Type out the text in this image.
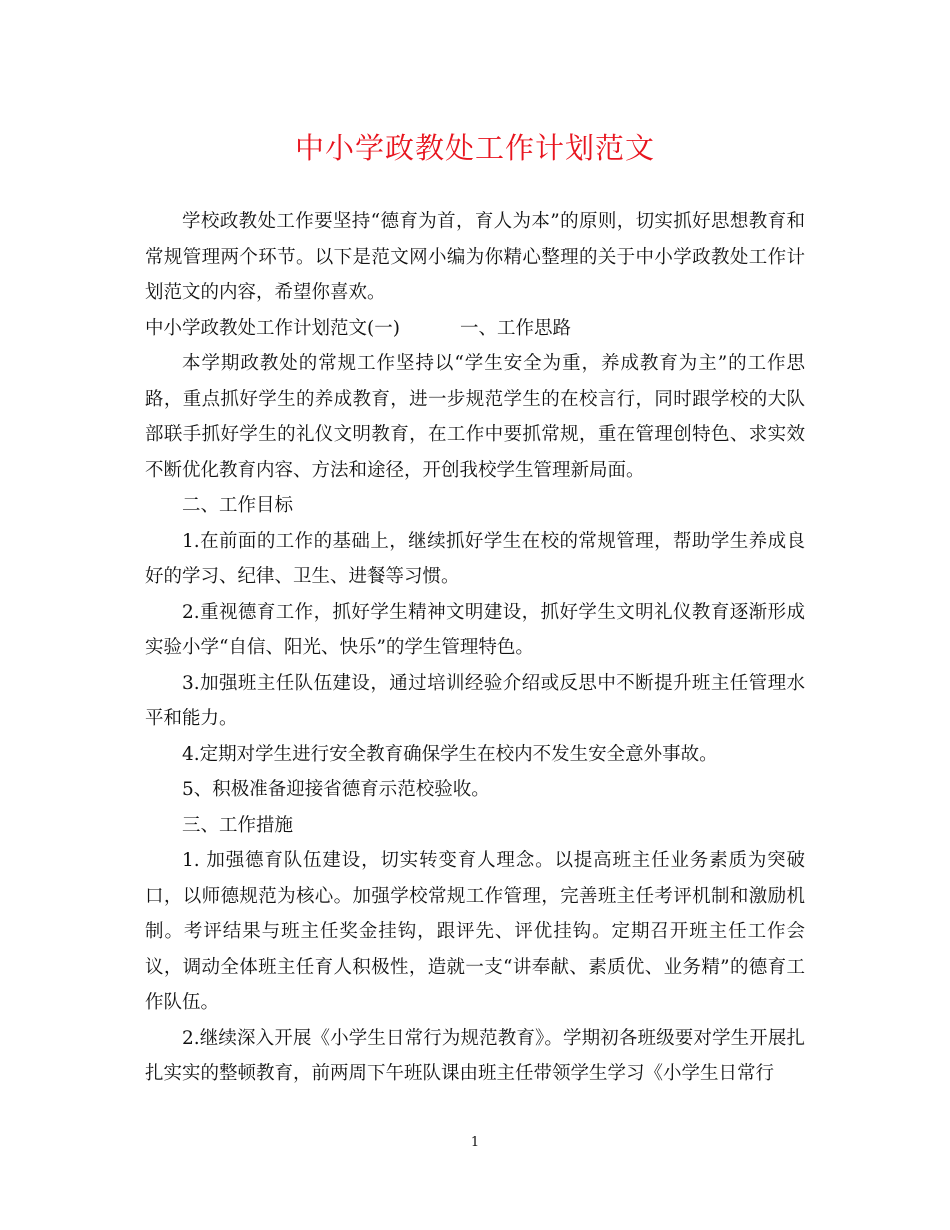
中小学政教处工作计划范文

学校政教处工作要坚持“德育为首，育人为本”的原则，切实抓好思想教育和常规管理两个环节。以下是范文网小编为你精心整理的关于中小学政教处工作计划范文的内容，希望你喜欢。

中小学政教处工作计划范文(一)	一、工作思路

本学期政教处的常规工作坚持以“学生安全为重，养成教育为主”的工作思路，重点抓好学生的养成教育，进一步规范学生的在校言行，同时跟学校的大队部联手抓好学生的礼仪文明教育，在工作中要抓常规，重在管理创特色、求实效不断优化教育内容、方法和途径，开创我校学生管理新局面。

二、工作目标

1.在前面的工作的基础上，继续抓好学生在校的常规管理，帮助学生养成良好的学习、纪律、卫生、进餐等习惯。

2.重视德育工作，抓好学生精神文明建设，抓好学生文明礼仪教育逐渐形成实验小学“自信、阳光、快乐”的学生管理特色。

3.加强班主任队伍建设，通过培训经验介绍或反思中不断提升班主任管理水平和能力。

4.定期对学生进行安全教育确保学生在校内不发生安全意外事故。

5、积极准备迎接省德育示范校验收。

三、工作措施

1. 加强德育队伍建设，切实转变育人理念。以提高班主任业务素质为突破口，以师德规范为核心。加强学校常规工作管理，完善班主任考评机制和激励机制。考评结果与班主任奖金挂钩，跟评先、评优挂钩。定期召开班主任工作会议，调动全体班主任育人积极性，造就一支“讲奉献、素质优、业务精”的德育工作队伍。

2.继续深入开展《小学生日常行为规范教育》。学期初各班级要对学生开展扎扎实实的整顿教育，前两周下午班队课由班主任带领学生学习《小学生日常行

1
